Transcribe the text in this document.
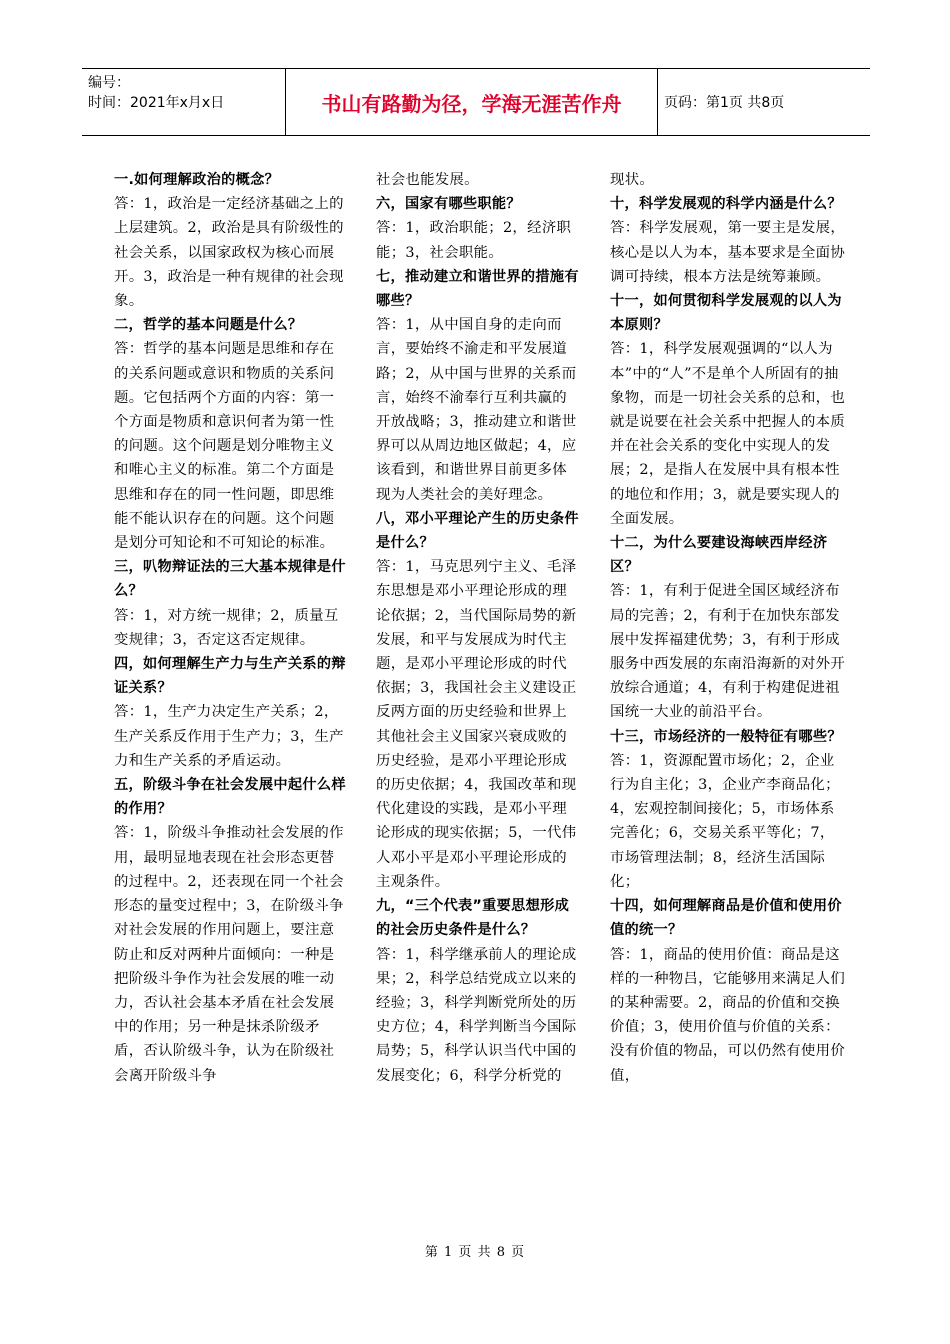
编号：
时间：2021年x月x日	书山有路勤为径，学海无涯苦作舟	页码：第1页 共8页

一.如何理解政治的概念？

答：1，政治是一定经济基础之上的上层建筑。2，政治是具有阶级性的社会关系，以国家政权为核心而展开。3，政治是一种有规律的社会现象。

二，哲学的基本问题是什么？

答：哲学的基本问题是思维和存在的关系问题或意识和物质的关系问题。它包括两个方面的内容：第一个方面是物质和意识何者为第一性的问题。这个问题是划分唯物主义和唯心主义的标准。第二个方面是思维和存在的同一性问题，即思维能不能认识存在的问题。这个问题是划分可知论和不可知论的标准。

三，叭物辩证法的三大基本规律是什么？

答：1，对方统一规律；2，质量互变规律；3，否定这否定规律。

四，如何理解生产力与生产关系的辩证关系？

答：1，生产力决定生产关系；2，生产关系反作用于生产力；3，生产力和生产关系的矛盾运动。

五，阶级斗争在社会发展中起什么样的作用？

答：1，阶级斗争推动社会发展的作用，最明显地表现在社会形态更替的过程中。2，还表现在同一个社会形态的量变过程中；3，在阶级斗争对社会发展的作用问题上，要注意防止和反对两种片面倾向：一种是把阶级斗争作为社会发展的唯一动力，否认社会基本矛盾在社会发展中的作用；另一种是抹杀阶级矛盾，否认阶级斗争，认为在阶级社会离开阶级斗争

社会也能发展。

六，国家有哪些职能？

答：1，政治职能；2，经济职能；3，社会职能。

七，推动建立和谐世界的措施有哪些？

答：1，从中国自身的走向而言，要始终不渝走和平发展道路；2，从中国与世界的关系而言，始终不渝奉行互利共赢的开放战略；3，推动建立和谐世界可以从周边地区做起；4，应该看到，和谐世界目前更多体现为人类社会的美好理念。

八，邓小平理论产生的历史条件是什么？

答：1，马克思列宁主义、毛泽东思想是邓小平理论形成的理论依据；2，当代国际局势的新发展，和平与发展成为时代主题，是邓小平理论形成的时代依据；3，我国社会主义建设正反两方面的历史经验和世界上其他社会主义国家兴衰成败的历史经验，是邓小平理论形成的历史依据；4，我国改革和现代化建设的实践，是邓小平理论形成的现实依据；5，一代伟人邓小平是邓小平理论形成的主观条件。

九，“三个代表”重要思想形成的社会历史条件是什么？

答：1，科学继承前人的理论成果；2，科学总结党成立以来的经验；3，科学判断党所处的历史方位；4，科学判断当今国际局势；5，科学认识当代中国的发展变化；6，科学分析党的

现状。

十，科学发展观的科学内涵是什么？

答：科学发展观，第一要主是发展，核心是以人为本，基本要求是全面协调可持续，根本方法是统筹兼顾。

十一，如何贯彻科学发展观的以人为本原则？

答：1，科学发展观强调的“以人为本”中的“人”不是单个人所固有的抽象物，而是一切社会关系的总和，也就是说要在社会关系中把握人的本质并在社会关系的变化中实现人的发展；2，是指人在发展中具有根本性的地位和作用；3，就是要实现人的全面发展。

十二，为什么要建设海峡西岸经济区？

答：1，有利于促进全国区域经济布局的完善；2，有利于在加快东部发展中发挥福建优势；3，有利于形成服务中西发展的东南沿海新的对外开放综合通道；4，有利于构建促进祖国统一大业的前沿平台。

十三，市场经济的一般特征有哪些？

答：1，资源配置市场化；2，企业行为自主化；3，企业产李商品化；4，宏观控制间接化；5，市场体系完善化；6，交易关系平等化；7，市场管理法制；8，经济生活国际化；

十四，如何理解商品是价值和使用价值的统一？

答：1，商品的使用价值：商品是这样的一种物吕，它能够用来满足人们的某种需要。2，商品的价值和交换价值；3，使用价值与价值的关系：没有价值的物品，可以仍然有使用价值，

第 1 页 共 8 页
